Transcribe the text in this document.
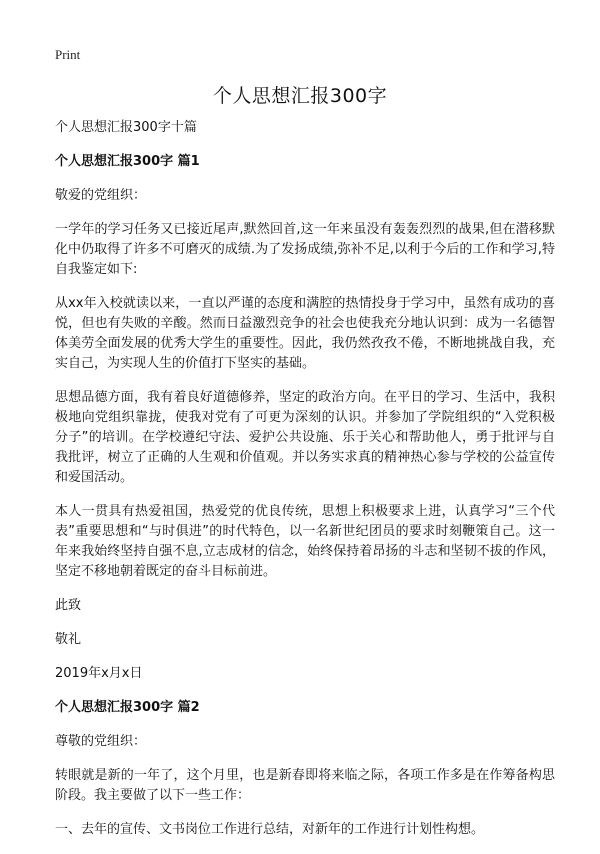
Print
个人思想汇报300字

个人思想汇报300字十篇

个人思想汇报300字 篇1

敬爱的党组织：

一学年的学习任务又已接近尾声,默然回首,这一年来虽没有轰轰烈烈的战果,但在潜移默化中仍取得了许多不可磨灭的成绩.为了发扬成绩,弥补不足,以利于今后的工作和学习,特自我鉴定如下:

从xx年入校就读以来，一直以严谨的态度和满腔的热情投身于学习中，虽然有成功的喜悦，但也有失败的辛酸。然而日益激烈竞争的社会也使我充分地认识到：成为一名德智体美劳全面发展的优秀大学生的重要性。因此，我仍然孜孜不倦，不断地挑战自我，充实自己，为实现人生的价值打下坚实的基础。

思想品德方面，我有着良好道德修养，坚定的政治方向。在平日的学习、生活中，我积极地向党组织靠拢，使我对党有了可更为深刻的认识。并参加了学院组织的“入党积极分子”的培训。在学校遵纪守法、爱护公共设施、乐于关心和帮助他人，勇于批评与自我批评，树立了正确的人生观和价值观。并以务实求真的精神热心参与学校的公益宣传和爱国活动。

本人一贯具有热爱祖国，热爱党的优良传统，思想上积极要求上进，认真学习“三个代表”重要思想和“与时俱进”的时代特色，以一名新世纪团员的要求时刻鞭策自己。这一年来我始终坚持自强不息,立志成材的信念，始终保持着昂扬的斗志和坚韧不拔的作风，坚定不移地朝着既定的奋斗目标前进。

此致

敬礼

2019年x月x日

个人思想汇报300字 篇2

尊敬的党组织：

转眼就是新的一年了，这个月里，也是新春即将来临之际，各项工作多是在作筹备构思阶段。我主要做了以下一些工作：

一、去年的宣传、文书岗位工作进行总结，对新年的工作进行计划性构想。
